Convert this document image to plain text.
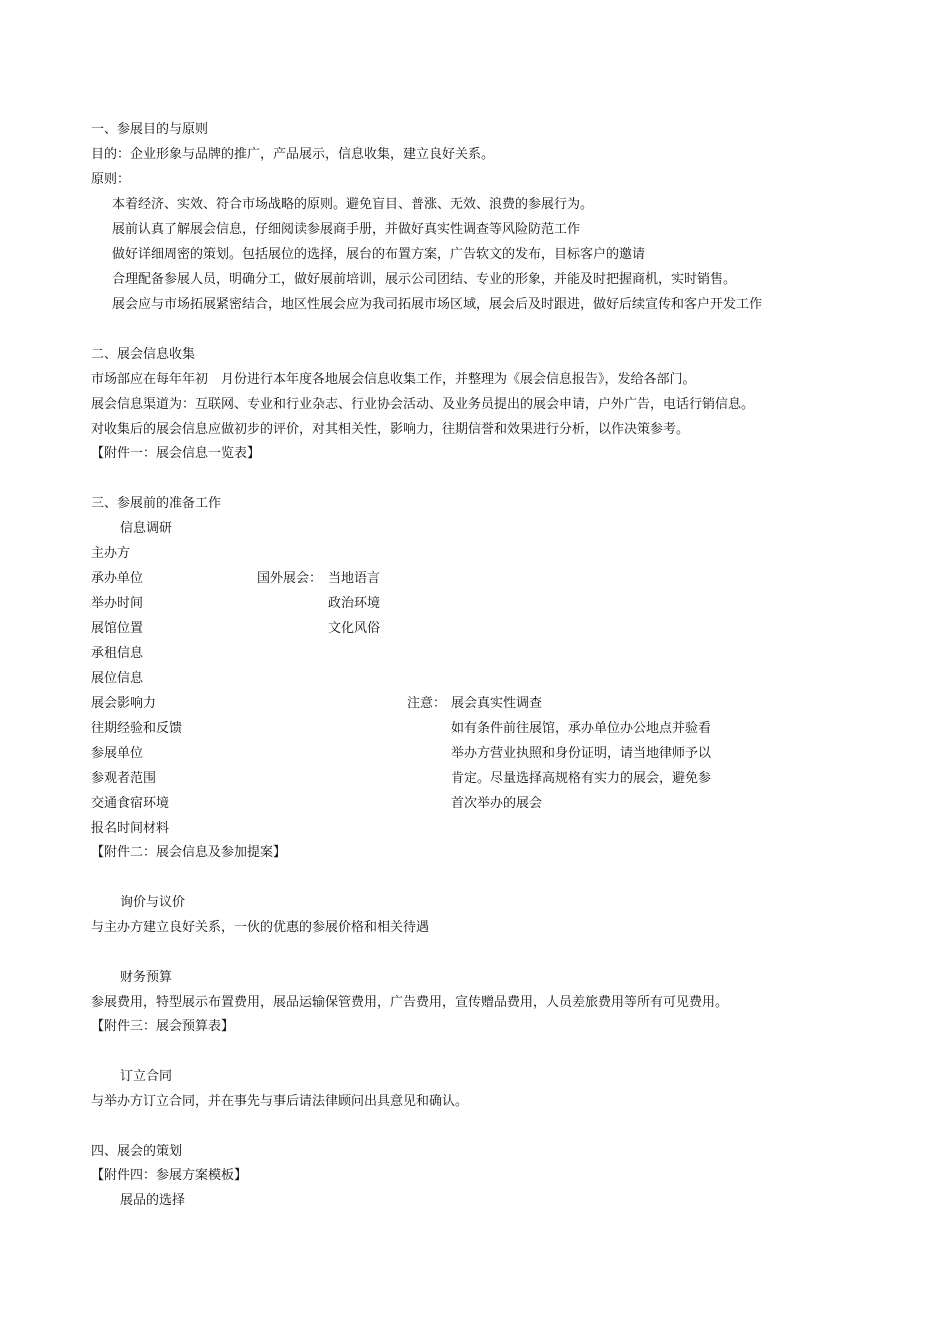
一、参展目的与原则
目的：企业形象与品牌的推广，产品展示，信息收集，建立良好关系。
原则：
本着经济、实效、符合市场战略的原则。避免盲目、普涨、无效、浪费的参展行为。
展前认真了解展会信息，仔细阅读参展商手册，并做好真实性调查等风险防范工作
做好详细周密的策划。包括展位的选择，展台的布置方案，广告软文的发布，目标客户的邀请
合理配备参展人员，明确分工，做好展前培训，展示公司团结、专业的形象，并能及时把握商机，实时销售。
展会应与市场拓展紧密结合，地区性展会应为我司拓展市场区域，展会后及时跟进，做好后续宣传和客户开发工作
二、展会信息收集
市场部应在每年年初　月份进行本年度各地展会信息收集工作，并整理为《展会信息报告》，发给各部门。
展会信息渠道为：互联网、专业和行业杂志、行业协会活动、及业务员提出的展会申请，户外广告，电话行销信息。
对收集后的展会信息应做初步的评价，对其相关性，影响力，往期信誉和效果进行分析，以作决策参考。
【附件一：展会信息一览表】
三、参展前的准备工作
信息调研
主办方
承办单位
举办时间
展馆位置
承租信息
展位信息
展会影响力
往期经验和反馈
参展单位
参观者范围
交通食宿环境
报名时间材料
国外展会： 当地语言
政治环境
文化风俗
注意： 展会真实性调查
如有条件前往展馆，承办单位办公地点并验看
举办方营业执照和身份证明，请当地律师予以
肯定。尽量选择高规格有实力的展会，避免参
首次举办的展会
【附件二：展会信息及参加提案】
询价与议价
与主办方建立良好关系，一伙的优惠的参展价格和相关待遇
财务预算
参展费用，特型展示布置费用，展品运输保管费用，广告费用，宣传赠品费用，人员差旅费用等所有可见费用。
【附件三：展会预算表】
订立合同
与举办方订立合同，并在事先与事后请法律顾问出具意见和确认。
四、展会的策划
【附件四：参展方案模板】
展品的选择
